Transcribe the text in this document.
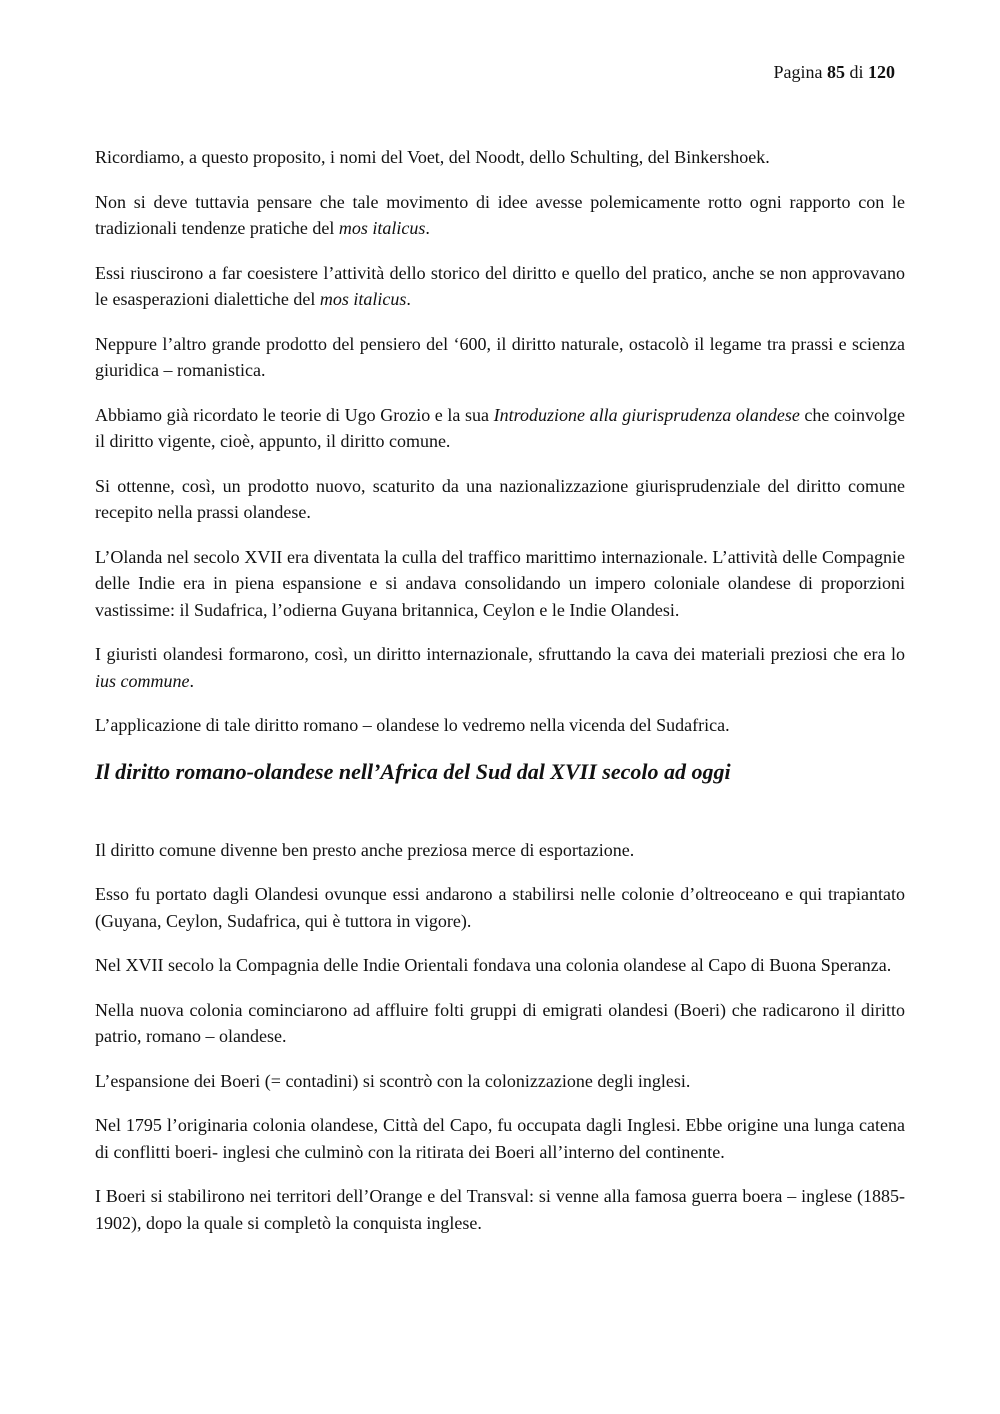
Pagina 85 di 120

Ricordiamo, a questo proposito, i nomi del Voet, del Noodt, dello Schulting, del Binkershoek.

Non si deve tuttavia pensare che tale movimento di idee avesse polemicamente rotto ogni rapporto con le tradizionali tendenze pratiche del mos italicus.

Essi riuscirono a far coesistere l’attività dello storico del diritto e quello del pratico, anche se non approvavano le esasperazioni dialettiche del mos italicus.

Neppure l’altro grande prodotto del pensiero del ‘600, il diritto naturale, ostacolò il legame tra prassi e scienza giuridica – romanistica.

Abbiamo già ricordato le teorie di Ugo Grozio e la sua Introduzione alla giurisprudenza olandese che coinvolge il diritto vigente, cioè, appunto, il diritto comune.

Si ottenne, così, un prodotto nuovo, scaturito da una nazionalizzazione giurisprudenziale del diritto comune recepito nella prassi olandese.

L’Olanda nel secolo XVII era diventata la culla del traffico marittimo internazionale. L’attività delle Compagnie delle Indie era in piena espansione e si andava consolidando un impero coloniale olandese di proporzioni vastissime: il Sudafrica, l’odierna Guyana britannica, Ceylon e le Indie Olandesi.

I giuristi olandesi formarono, così, un diritto internazionale, sfruttando la cava dei materiali preziosi che era lo ius commune.

L’applicazione di tale diritto romano – olandese lo vedremo nella vicenda del Sudafrica.

Il diritto romano-olandese nell’Africa del Sud dal XVII secolo ad oggi

Il diritto comune divenne ben presto anche preziosa merce di esportazione.

Esso fu portato dagli Olandesi ovunque essi andarono a stabilirsi nelle colonie d’oltreoceano e qui trapiantato (Guyana, Ceylon, Sudafrica, qui è tuttora in vigore).

Nel XVII secolo la Compagnia delle Indie Orientali fondava una colonia olandese al Capo di Buona Speranza.

Nella nuova colonia cominciarono ad affluire folti gruppi di emigrati olandesi (Boeri) che radicarono il diritto patrio, romano – olandese.

L’espansione dei Boeri (= contadini) si scontrò con la colonizzazione degli inglesi.

Nel 1795 l’originaria colonia olandese, Città del Capo, fu occupata dagli Inglesi. Ebbe origine una lunga catena di conflitti boeri- inglesi che culminò con la ritirata dei Boeri all’interno del continente.

I Boeri si stabilirono nei territori dell’Orange e del Transval: si venne alla famosa guerra boera – inglese (1885-1902), dopo la quale si completò la conquista inglese.
